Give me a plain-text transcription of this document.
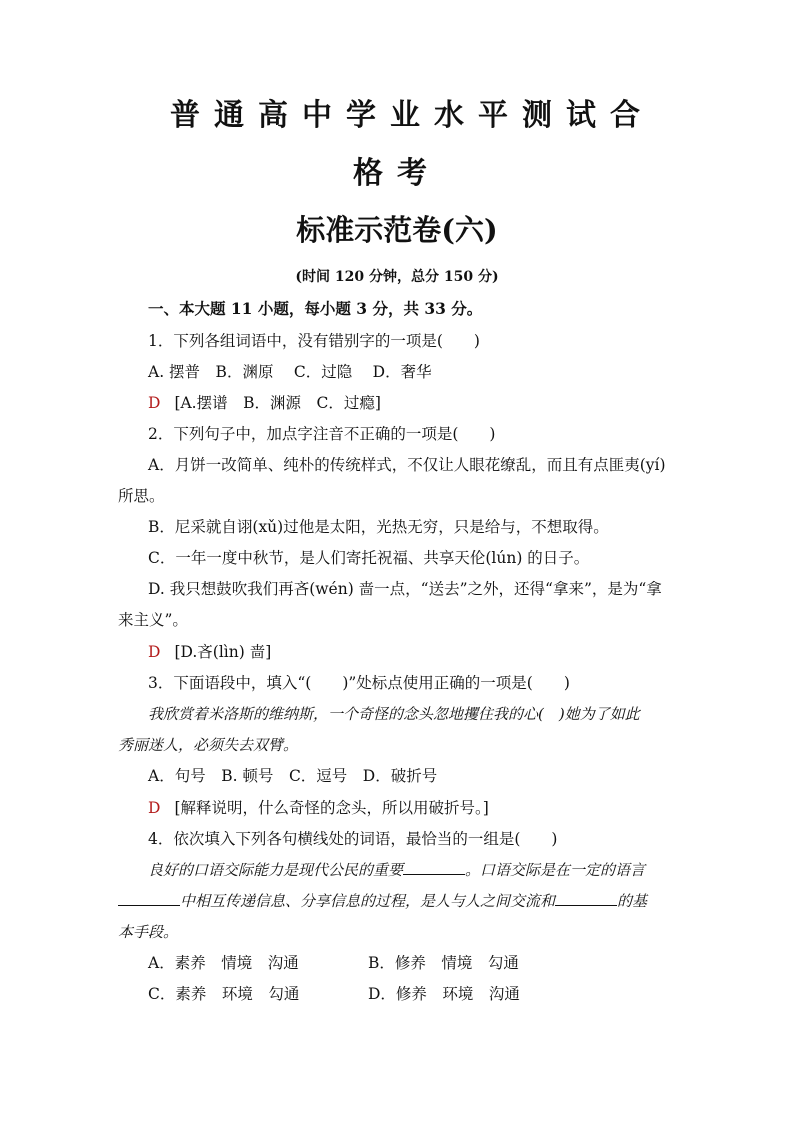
普通高中学业水平测试合
格考
标准示范卷(六)
(时间 120 分钟，总分 150 分)
一、本大题 11 小题，每小题 3 分，共 33 分。
1．下列各组词语中，没有错别字的一项是(　　)
A. 摆普　B．渊原　 C．过隐　 D．奢华
D [A.摆谱　B．渊源　C．过瘾]
2．下列句子中，加点字注音不正确的一项是(　　)
A．月饼一改简单、纯朴的传统样式，不仅让人眼花缭乱，而且有点匪夷(yí)
所思。
B．尼采就自诩(xǔ)过他是太阳，光热无穷，只是给与，不想取得。
C．一年一度中秋节，是人们寄托祝福、共享天伦(lún) 的日子。
D. 我只想鼓吹我们再吝(wén) 啬一点，“送去”之外，还得“拿来”，是为“拿
来主义”。
D [D.吝(lìn) 啬]
3．下面语段中，填入“(　　)”处标点使用正确的一项是(　　)
我欣赏着米洛斯的维纳斯，一个奇怪的念头忽地攫住我的心(　)她为了如此
秀丽迷人，必须失去双臂。
A．句号　B. 顿号　C．逗号　D．破折号
D [解释说明，什么奇怪的念头，所以用破折号。]
4．依次填入下列各句横线处的词语，最恰当的一组是(　　)
良好的口语交际能力是现代公民的重要	。口语交际是在一定的语言
中相互传递信息、分享信息的过程，是人与人之间交流和	的基
本手段。
A．素养　情境　沟通	B．修养　情境　勾通
C．素养　环境　勾通	D．修养　环境　沟通
